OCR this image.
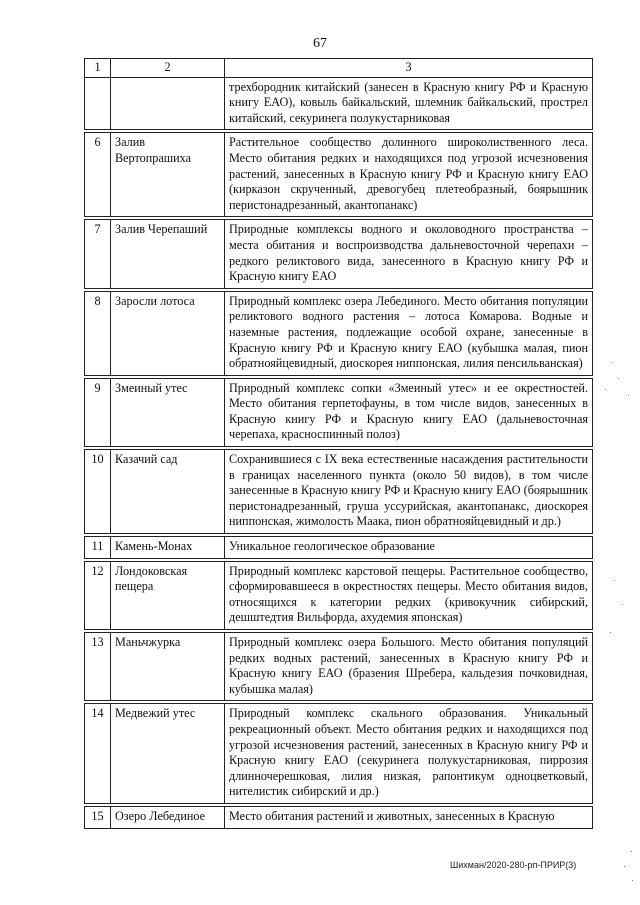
67
1	2	3
		трехбородник китайский (занесен в Красную книгу РФ и Красную книгу ЕАО), ковыль байкальский, шлемник байкальский, прострел китайский, секуринега полукустарниковая
6	Залив Вертопрашиха	Растительное сообщество долинного широколиственного леса. Место обитания редких и находящихся под угрозой исчезновения растений, занесенных в Красную книгу РФ и Красную книгу ЕАО (кирказон скрученный, древогубец плетеобразный, боярышник перистонадрезанный, акантопанакс)
7	Залив Черепаший	Природные комплексы водного и околоводного пространства – места обитания и воспроизводства дальневосточной черепахи – редкого реликтового вида, занесенного в Красную книгу РФ и Красную книгу ЕАО
8	Заросли лотоса	Природный комплекс озера Лебединого. Место обитания популяции реликтового водного растения – лотоса Комарова. Водные и наземные растения, подлежащие особой охране, занесенные в Красную книгу РФ и Красную книгу ЕАО (кубышка малая, пион обратнояйцевидный, диоскорея ниппонская, лилия пенсильванская)
9	Змеиный утес	Природный комплекс сопки «Змеиный утес» и ее окрестностей. Место обитания герпетофауны, в том числе видов, занесенных в Красную книгу РФ и Красную книгу ЕАО (дальневосточная черепаха, красноспинный полоз)
10	Казачий сад	Сохранившиеся с IX века естественные насаждения растительности в границах населенного пункта (около 50 видов), в том числе занесенные в Красную книгу РФ и Красную книгу ЕАО (боярышник перистонадрезанный, груша уссурийская, акантопанакс, диоскорея ниппонская, жимолость Маака, пион обратнояйцевидный и др.)
11	Камень-Монах	Уникальное геологическое образование
12	Лондоковская пещера	Природный комплекс карстовой пещеры. Растительное сообщество, сформировавшееся в окрестностях пещеры. Место обитания видов, относящихся к категории редких (кривокучник сибирский, дешштедтия Вильфорда, ахудемия японская)
13	Маньчжурка	Природный комплекс озера Большого. Место обитания популяций редких водных растений, занесенных в Красную книгу РФ и Красную книгу ЕАО (бразения Шребера, кальдезия почковидная, кубышка малая)
14	Медвежий утес	Природный комплекс скального образования. Уникальный рекреационный объект. Место обитания редких и находящихся под угрозой исчезновения растений, занесенных в Красную книгу РФ и Красную книгу ЕАО (секуринега полукустарниковая, пиррозия длинночерешковая, лилия низкая, рапонтикум одноцветковый, нителистик сибирский и др.)
15	Озеро Лебединое	Место обитания растений и животных, занесенных в Красную
Шихман/2020-280-рп-ПРИР(3)
